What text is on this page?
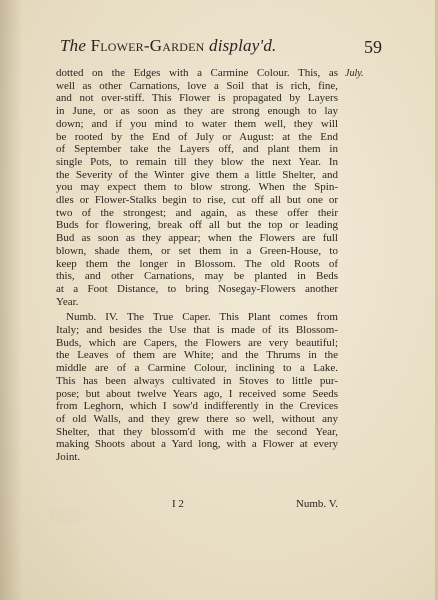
The Flower-Garden display'd.	59
July.
dotted on the Edges with a Carmine Colour. This, as
well as other Carnations, love a Soil that is rich, fine,
and not over-stiff. This Flower is propagated by Layers
in June, or as soon as they are strong enough to lay
down; and if you mind to water them well, they will
be rooted by the End of July or August: at the End
of September take the Layers off, and plant them in
single Pots, to remain till they blow the next Year. In
the Severity of the Winter give them a little Shelter, and
you may expect them to blow strong. When the Spin-
dles or Flower-Stalks begin to rise, cut off all but one or
two of the strongest; and again, as these offer their
Buds for flowering, break off all but the top or leading
Bud as soon as they appear; when the Flowers are full
blown, shade them, or set them in a Green-House, to
keep them the longer in Blossom. The old Roots of
this, and other Carnations, may be planted in Beds
at a Foot Distance, to bring Nosegay-Flowers another
Year.
Numb. IV. The True Caper. This Plant comes from
Italy; and besides the Use that is made of its Blossom-
Buds, which are Capers, the Flowers are very beautiful;
the Leaves of them are White; and the Thrums in the
middle are of a Carmine Colour, inclining to a Lake.
This has been always cultivated in Stoves to little pur-
pose; but about twelve Years ago, I received some Seeds
from Leghorn, which I sow'd indifferently in the Crevices
of old Walls, and they grew there so well, without any
Shelter, that they blossom'd with me the second Year,
making Shoots about a Yard long, with a Flower at every
Joint.
I 2	Numb. V.
░░░░
